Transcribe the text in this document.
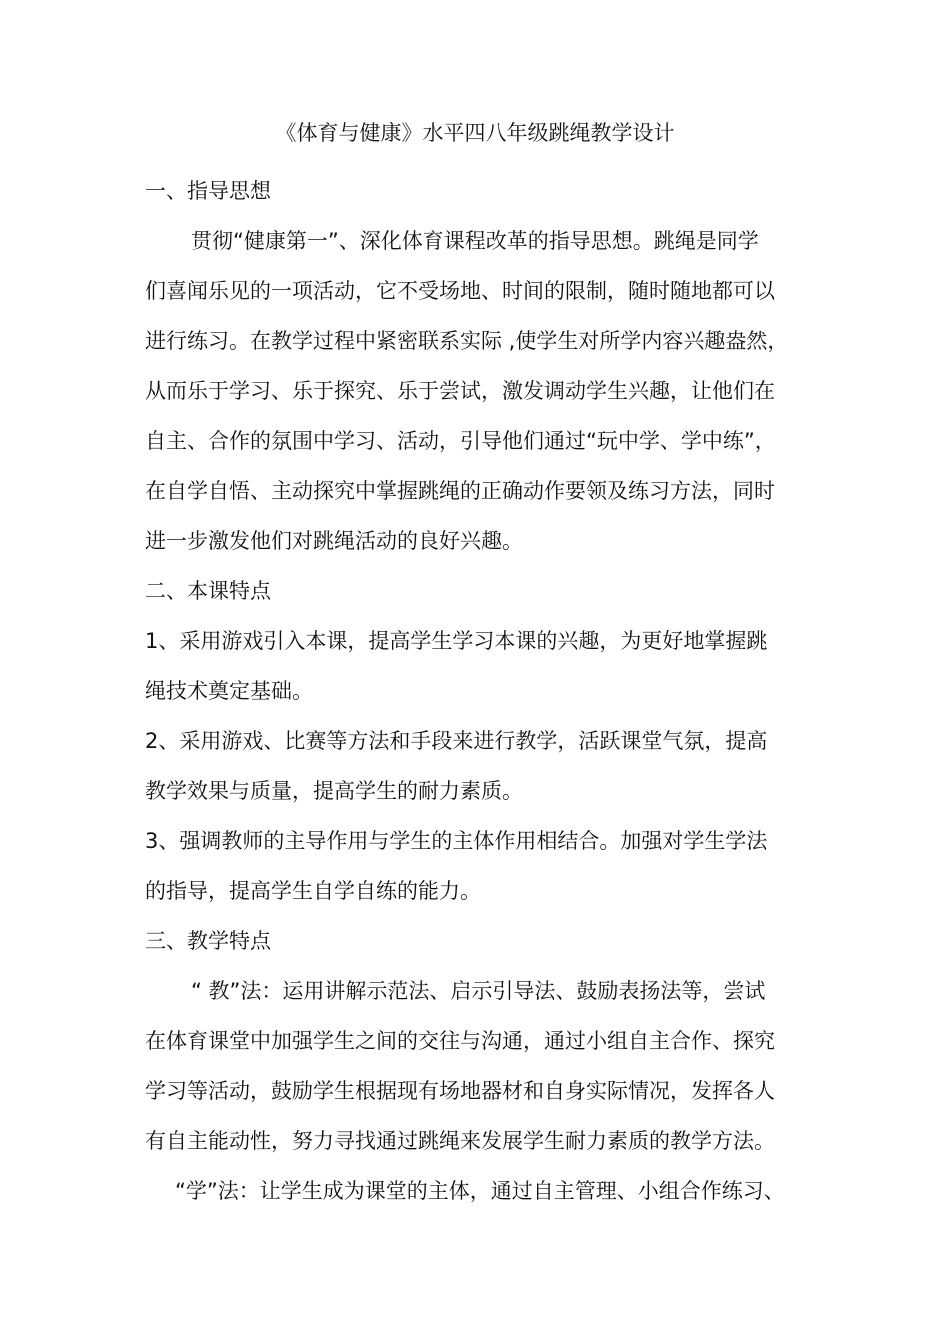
《体育与健康》水平四八年级跳绳教学设计
一、指导思想
贯彻“健康第一”、深化体育课程改革的指导思想。跳绳是同学
们喜闻乐见的一项活动，它不受场地、时间的限制，随时随地都可以
进行练习。在教学过程中紧密联系实际 ,使学生对所学内容兴趣盎然，
从而乐于学习、乐于探究、乐于尝试，激发调动学生兴趣，让他们在
自主、合作的氛围中学习、活动，引导他们通过“玩中学、学中练”，
在自学自悟、主动探究中掌握跳绳的正确动作要领及练习方法，同时
进一步激发他们对跳绳活动的良好兴趣。
二、本课特点
1、采用游戏引入本课，提高学生学习本课的兴趣，为更好地掌握跳
绳技术奠定基础。
2、采用游戏、比赛等方法和手段来进行教学，活跃课堂气氛，提高
教学效果与质量，提高学生的耐力素质。
3、强调教师的主导作用与学生的主体作用相结合。加强对学生学法
的指导，提高学生自学自练的能力。
三、教学特点
“ 教”法：运用讲解示范法、启示引导法、鼓励表扬法等，尝试
在体育课堂中加强学生之间的交往与沟通，通过小组自主合作、探究
学习等活动，鼓励学生根据现有场地器材和自身实际情况，发挥各人
有自主能动性，努力寻找通过跳绳来发展学生耐力素质的教学方法。
“学”法：让学生成为课堂的主体，通过自主管理、小组合作练习、
